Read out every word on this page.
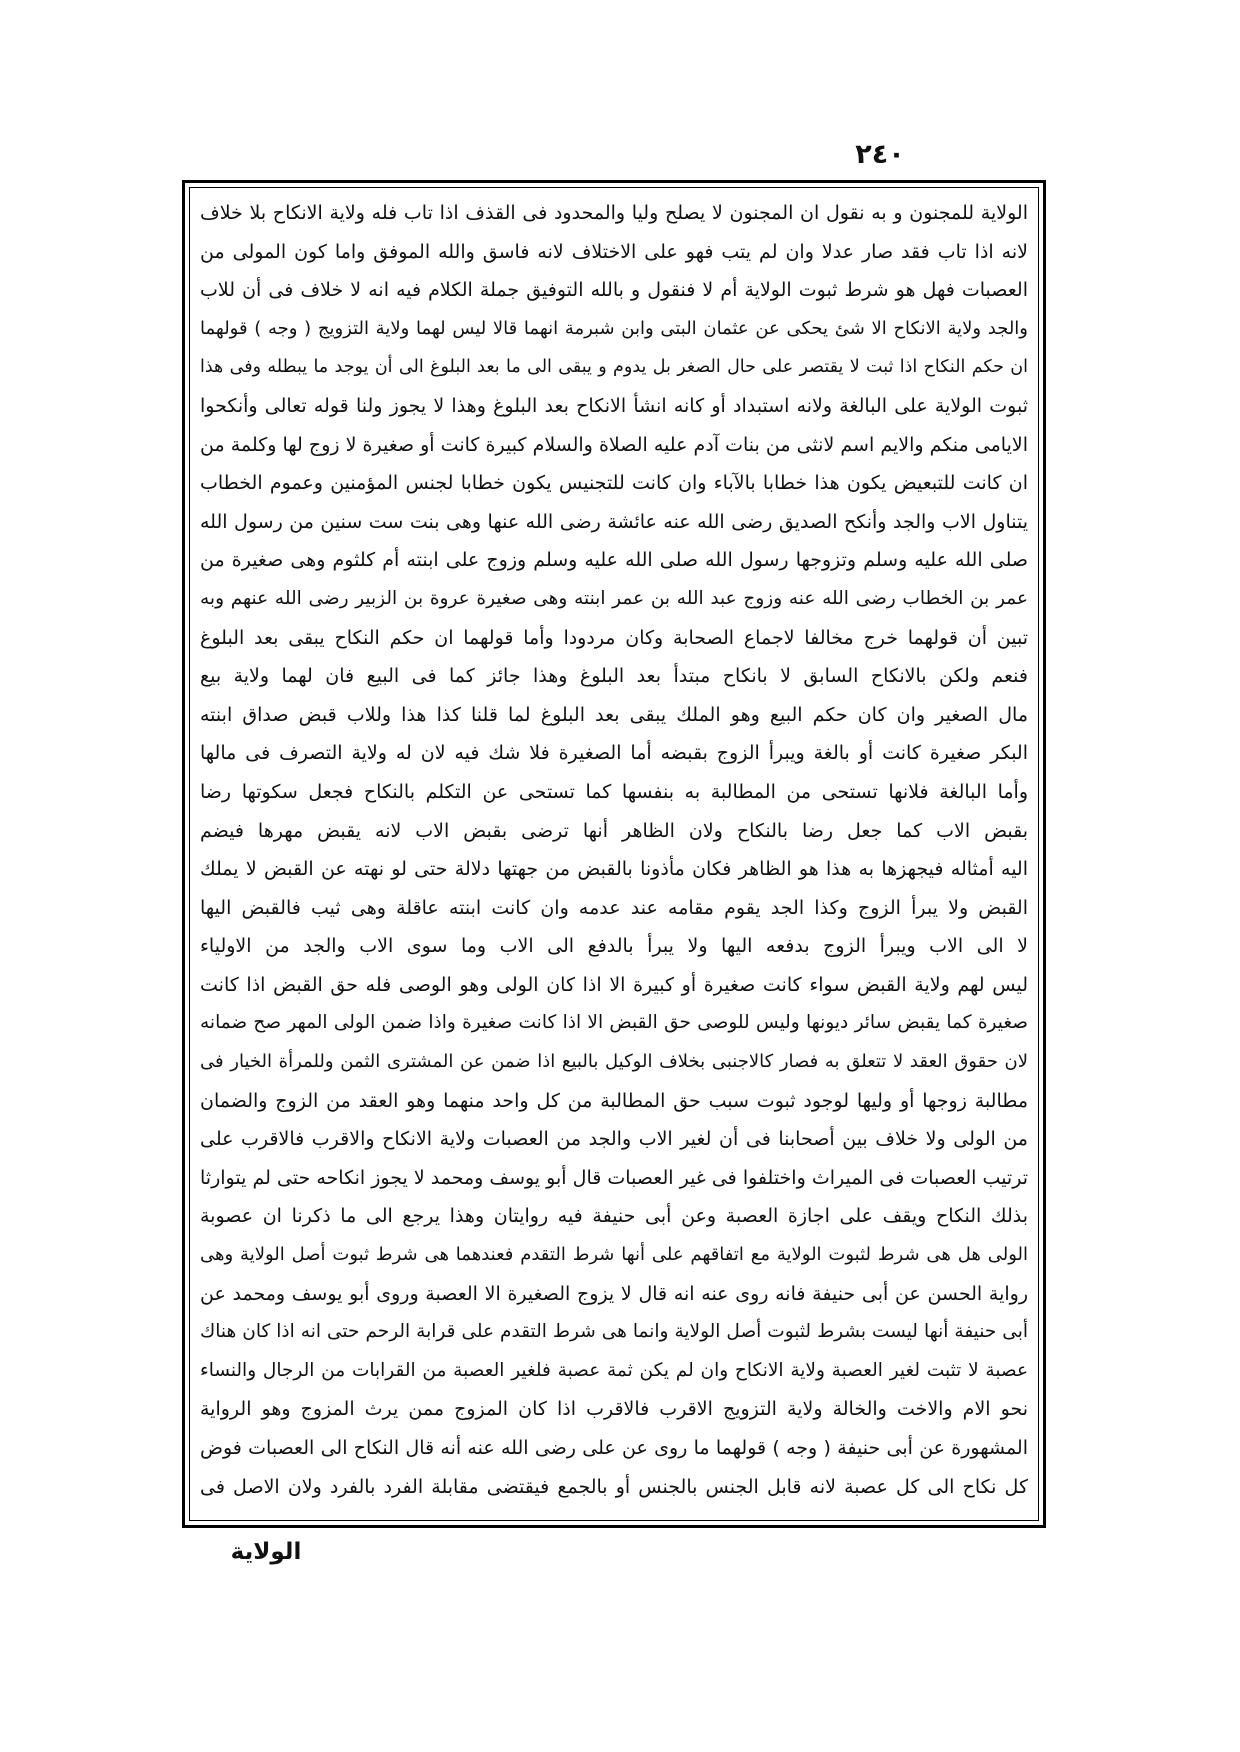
٢٤٠
الولاية للمجنون و به نقول ان المجنون لا يصلح وليا والمحدود فى القذف اذا تاب فله ولاية الانكاح بلا خلاف
لانه اذا تاب فقد صار عدلا وان لم يتب فهو على الاختلاف لانه فاسق والله الموفق واما كون المولى من
العصبات فهل هو شرط ثبوت الولاية أم لا فنقول و بالله التوفيق جملة الكلام فيه انه لا خلاف فى أن للاب
والجد ولاية الانكاح الا شئ يحكى عن عثمان البتى وابن شبرمة انهما قالا ليس لهما ولاية التزويج ( وجه ) قولهما
ان حكم النكاح اذا ثبت لا يقتصر على حال الصغر بل يدوم و يبقى الى ما بعد البلوغ الى أن يوجد ما يبطله وفى هذا
ثبوت الولاية على البالغة ولانه استبداد أو كانه انشأ الانكاح بعد البلوغ وهذا لا يجوز ولنا قوله تعالى وأنكحوا
الايامى منكم والايم اسم لانثى من بنات آدم عليه الصلاة والسلام كبيرة كانت أو صغيرة لا زوج لها وكلمة من
ان كانت للتبعيض يكون هذا خطابا بالآباء وان كانت للتجنيس يكون خطابا لجنس المؤمنين وعموم الخطاب
يتناول الاب والجد وأنكح الصديق رضى الله عنه عائشة رضى الله عنها وهى بنت ست سنين من رسول الله
صلى الله عليه وسلم وتزوجها رسول الله صلى الله عليه وسلم وزوج على ابنته أم كلثوم وهى صغيرة من
عمر بن الخطاب رضى الله عنه وزوج عبد الله بن عمر ابنته وهى صغيرة عروة بن الزبير رضى الله عنهم وبه
تبين أن قولهما خرج مخالفا لاجماع الصحابة وكان مردودا وأما قولهما ان حكم النكاح يبقى بعد البلوغ
فنعم ولكن بالانكاح السابق لا بانكاح مبتدأ بعد البلوغ وهذا جائز كما فى البيع فان لهما ولاية بيع
مال الصغير وان كان حكم البيع وهو الملك يبقى بعد البلوغ لما قلنا كذا هذا وللاب قبض صداق ابنته
البكر صغيرة كانت أو بالغة ويبرأ الزوج بقبضه أما الصغيرة فلا شك فيه لان له ولاية التصرف فى مالها
وأما البالغة فلانها تستحى من المطالبة به بنفسها كما تستحى عن التكلم بالنكاح فجعل سكوتها رضا
بقبض الاب كما جعل رضا بالنكاح ولان الظاهر أنها ترضى بقبض الاب لانه يقبض مهرها فيضم
اليه أمثاله فيجهزها به هذا هو الظاهر فكان مأذونا بالقبض من جهتها دلالة حتى لو نهته عن القبض لا يملك
القبض ولا يبرأ الزوج وكذا الجد يقوم مقامه عند عدمه وان كانت ابنته عاقلة وهى ثيب فالقبض اليها
لا الى الاب ويبرأ الزوج بدفعه اليها ولا يبرأ بالدفع الى الاب وما سوى الاب والجد من الاولياء
ليس لهم ولاية القبض سواء كانت صغيرة أو كبيرة الا اذا كان الولى وهو الوصى فله حق القبض اذا كانت
صغيرة كما يقبض سائر ديونها وليس للوصى حق القبض الا اذا كانت صغيرة واذا ضمن الولى المهر صح ضمانه
لان حقوق العقد لا تتعلق به فصار كالاجنبى بخلاف الوكيل بالبيع اذا ضمن عن المشترى الثمن وللمرأة الخيار فى
مطالبة زوجها أو وليها لوجود ثبوت سبب حق المطالبة من كل واحد منهما وهو العقد من الزوج والضمان
من الولى ولا خلاف بين أصحابنا فى أن لغير الاب والجد من العصبات ولاية الانكاح والاقرب فالاقرب على
ترتيب العصبات فى الميراث واختلفوا فى غير العصبات قال أبو يوسف ومحمد لا يجوز انكاحه حتى لم يتوارثا
بذلك النكاح ويقف على اجازة العصبة وعن أبى حنيفة فيه روايتان وهذا يرجع الى ما ذكرنا ان عصوبة
الولى هل هى شرط لثبوت الولاية مع اتفاقهم على أنها شرط التقدم فعندهما هى شرط ثبوت أصل الولاية وهى
رواية الحسن عن أبى حنيفة فانه روى عنه انه قال لا يزوج الصغيرة الا العصبة وروى أبو يوسف ومحمد عن
أبى حنيفة أنها ليست بشرط لثبوت أصل الولاية وانما هى شرط التقدم على قرابة الرحم حتى انه اذا كان هناك
عصبة لا تثبت لغير العصبة ولاية الانكاح وان لم يكن ثمة عصبة فلغير العصبة من القرابات من الرجال والنساء
نحو الام والاخت والخالة ولاية التزويج الاقرب فالاقرب اذا كان المزوج ممن يرث المزوج وهو الرواية
المشهورة عن أبى حنيفة ( وجه ) قولهما ما روى عن على رضى الله عنه أنه قال النكاح الى العصبات فوض
كل نكاح الى كل عصبة لانه قابل الجنس بالجنس أو بالجمع فيقتضى مقابلة الفرد بالفرد ولان الاصل فى
الولاية
